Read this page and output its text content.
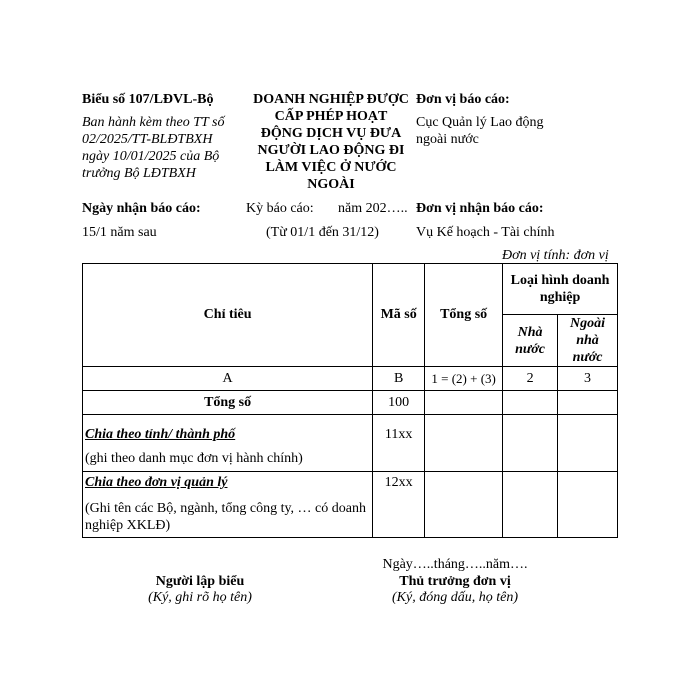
Biểu số 107/LĐVL-Bộ
Ban hành kèm theo TT số 02/2025/TT-BLĐTBXH ngày 10/01/2025 của Bộ trưởng Bộ LĐTBXH
DOANH NGHIỆP ĐƯỢC
CẤP PHÉP HOẠT
ĐỘNG DỊCH VỤ ĐƯA
NGƯỜI LAO ĐỘNG ĐI
LÀM VIỆC Ở NƯỚC
NGOÀI
Đơn vị báo cáo:
Cục Quản lý Lao động ngoài nước
Ngày nhận báo cáo:
15/1 năm sau
Kỳ báo cáo: năm 202…..
(Từ 01/1 đến 31/12)
Đơn vị nhận báo cáo:
Vụ Kế hoạch - Tài chính
Đơn vị tính: đơn vị
Chỉ tiêu	Mã số	Tổng số	Loại hình doanh nghiệp	
			Nhà nước	Ngoài nhà nước
A	B	1 = (2) + (3)	2	3
Tổng số	100			

Chia theo tỉnh/ thành phố
(ghi theo danh mục đơn vị hành chính)	11xx			

Chia theo đơn vị quản lý
(Ghi tên các Bộ, ngành, tổng công ty, … có doanh nghiệp XKLĐ)	12xx			
Ngày…..tháng…..năm….
Người lập biểu
(Ký, ghi rõ họ tên)
Thủ trưởng đơn vị
(Ký, đóng dấu, họ tên)
